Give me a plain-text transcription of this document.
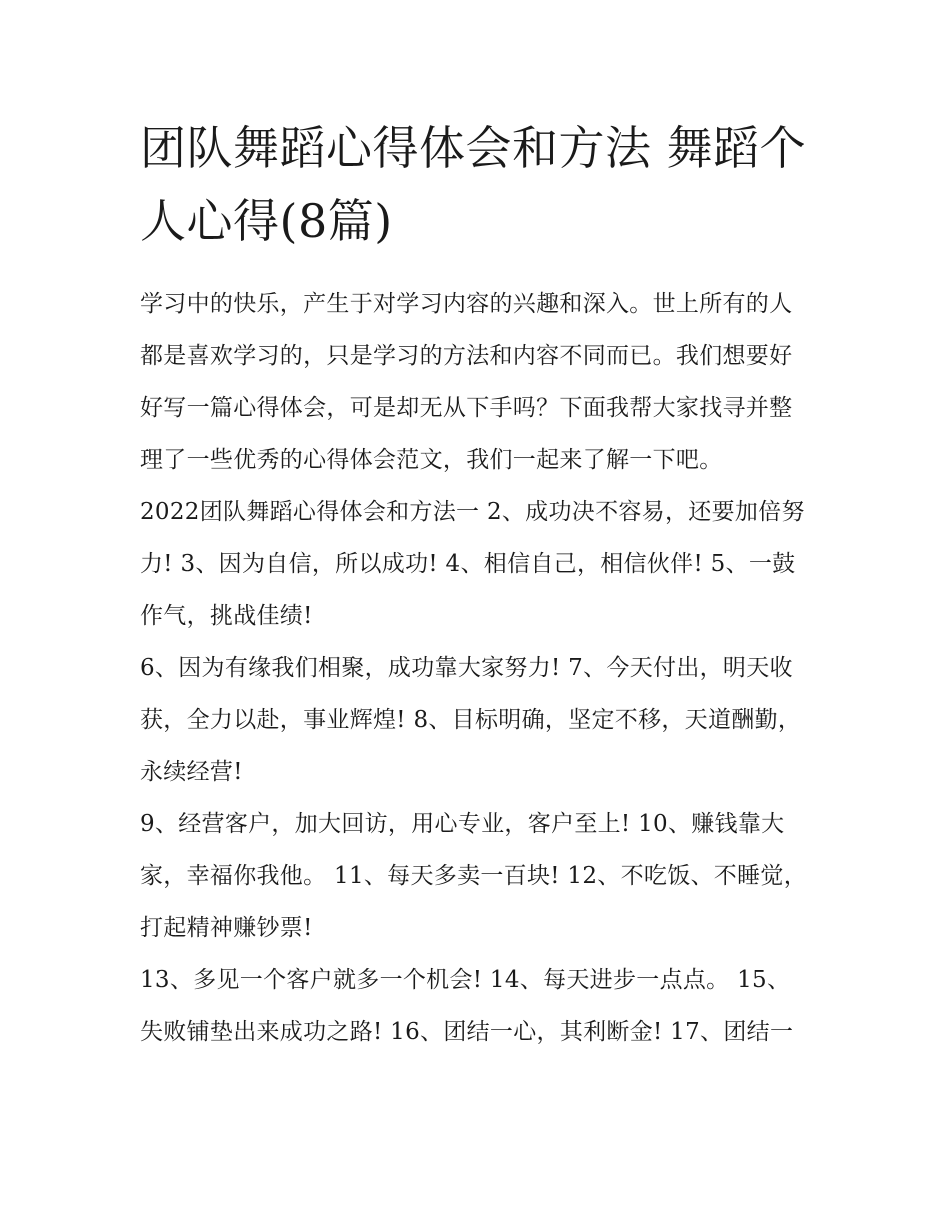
团队舞蹈心得体会和方法 舞蹈个人心得(8篇)

学习中的快乐，产生于对学习内容的兴趣和深入。世上所有的人都是喜欢学习的，只是学习的方法和内容不同而已。我们想要好好写一篇心得体会，可是却无从下手吗？下面我帮大家找寻并整理了一些优秀的心得体会范文，我们一起来了解一下吧。

2022团队舞蹈心得体会和方法一 2、成功决不容易，还要加倍努力! 3、因为自信，所以成功! 4、相信自己，相信伙伴! 5、一鼓作气，挑战佳绩!

6、因为有缘我们相聚，成功靠大家努力! 7、今天付出，明天收获，全力以赴，事业辉煌! 8、目标明确，坚定不移，天道酬勤，永续经营!

9、经营客户，加大回访，用心专业，客户至上! 10、赚钱靠大家，幸福你我他。 11、每天多卖一百块! 12、不吃饭、不睡觉，打起精神赚钞票!

13、多见一个客户就多一个机会! 14、每天进步一点点。 15、失败铺垫出来成功之路! 16、团结一心，其利断金! 17、团结一
